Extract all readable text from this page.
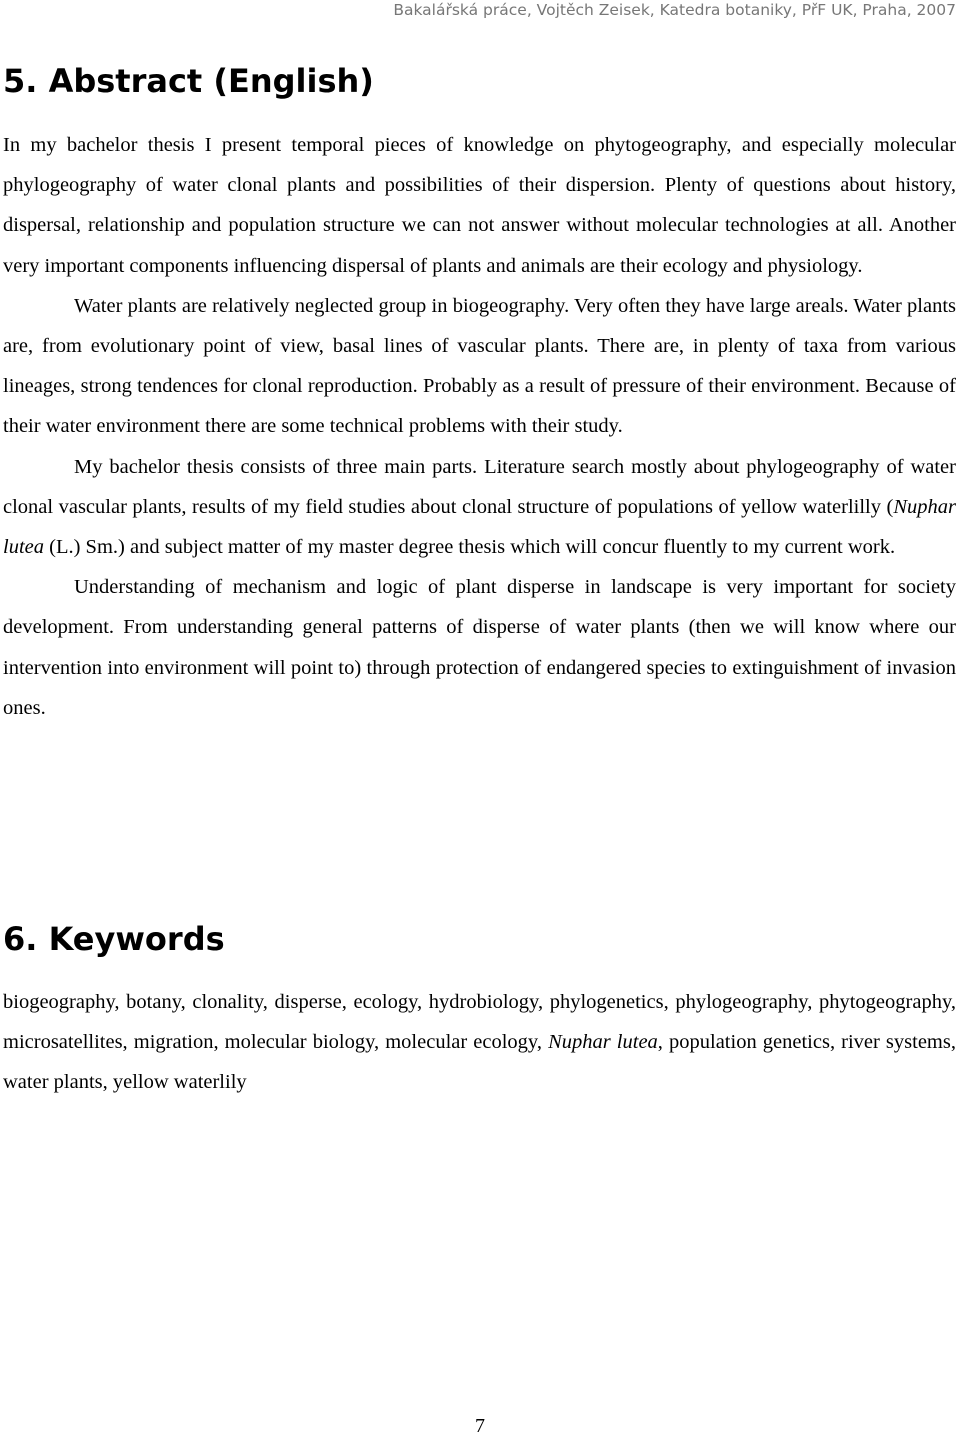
Bakalářská práce, Vojtěch Zeisek, Katedra botaniky, PřF UK, Praha, 2007
5. Abstract (English)

In my bachelor thesis I present temporal pieces of knowledge on phytogeography, and especially molecular phylogeography of water clonal plants and possibilities of their dispersion. Plenty of questions about history, dispersal, relationship and population structure we can not answer without molecular technologies at all. Another very important components influencing dispersal of plants and animals are their ecology and physiology.

Water plants are relatively neglected group in biogeography. Very often they have large areals. Water plants are, from evolutionary point of view, basal lines of vascular plants. There are, in plenty of taxa from various lineages, strong tendences for clonal reproduction. Probably as a result of pressure of their environment. Because of their water environment there are some technical problems with their study.

My bachelor thesis consists of three main parts. Literature search mostly about phylogeography of water clonal vascular plants, results of my field studies about clonal structure of populations of yellow waterlilly (Nuphar lutea (L.) Sm.) and subject matter of my master degree thesis which will concur fluently to my current work.

Understanding of mechanism and logic of plant disperse in landscape is very important for society development. From understanding general patterns of disperse of water plants (then we will know where our intervention into environment will point to) through protection of endangered species to extinguishment of invasion ones.

6. Keywords

biogeography, botany, clonality, disperse, ecology, hydrobiology, phylogenetics, phylogeography, phytogeography, microsatellites, migration, molecular biology, molecular ecology, Nuphar lutea, population genetics, river systems, water plants, yellow waterlily

7
